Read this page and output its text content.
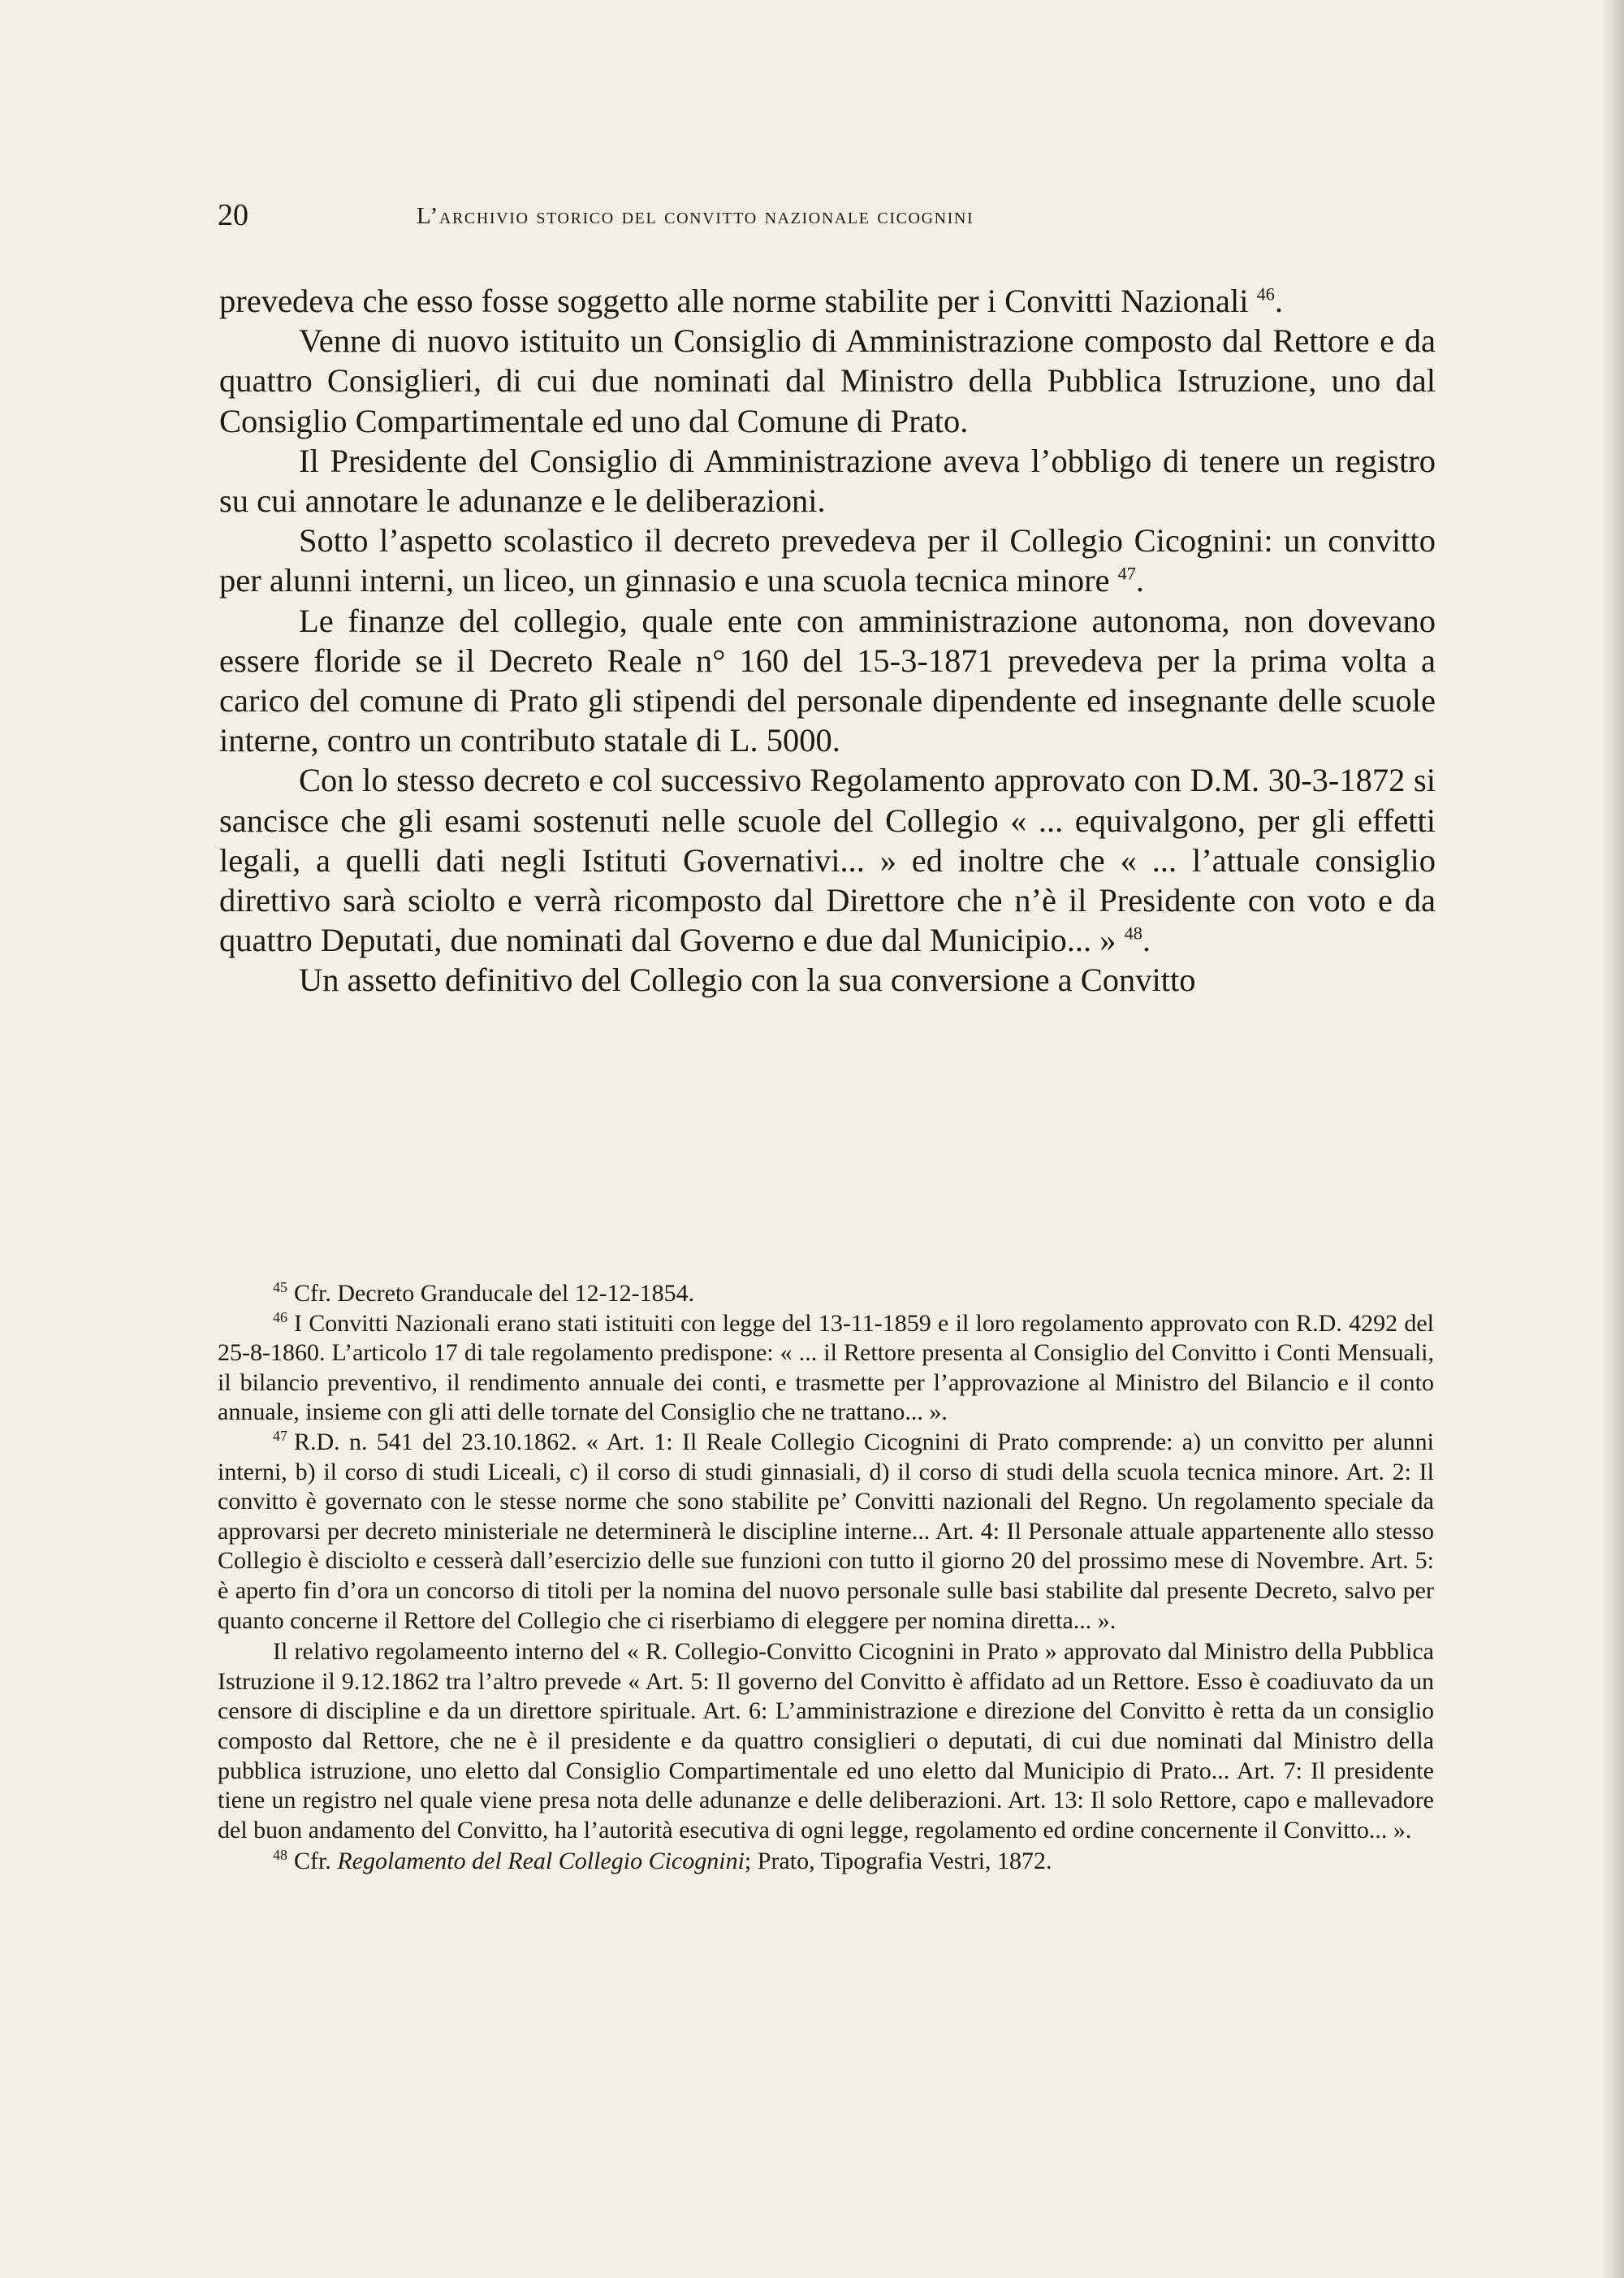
20	l’archivio storico del convitto nazionale cicognini

prevedeva che esso fosse soggetto alle norme stabilite per i Convitti Nazionali $^{46}$.

Venne di nuovo istituito un Consiglio di Amministrazione composto dal Rettore e da quattro Consiglieri, di cui due nominati dal Ministro della Pubblica Istruzione, uno dal Consiglio Compartimentale ed uno dal Comune di Prato.

Il Presidente del Consiglio di Amministrazione aveva l’obbligo di tenere un registro su cui annotare le adunanze e le deliberazioni.

Sotto l’aspetto scolastico il decreto prevedeva per il Collegio Cicognini: un convitto per alunni interni, un liceo, un ginnasio e una scuola tecnica minore $^{47}$.

Le finanze del collegio, quale ente con amministrazione autonoma, non dovevano essere floride se il Decreto Reale n° 160 del 15-3-1871 prevedeva per la prima volta a carico del comune di Prato gli stipendi del personale dipendente ed insegnante delle scuole interne, contro un contributo statale di L. 5000.

Con lo stesso decreto e col successivo Regolamento approvato con D.M. 30-3-1872 si sancisce che gli esami sostenuti nelle scuole del Collegio « ... equivalgono, per gli effetti legali, a quelli dati negli Istituti Governativi... » ed inoltre che « ... l’attuale consiglio direttivo sarà sciolto e verrà ricomposto dal Direttore che n’è il Presidente con voto e da quattro Deputati, due nominati dal Governo e due dal Municipio... » $^{48}$.

Un assetto definitivo del Collegio con la sua conversione a Convitto

$^{45}$ Cfr. Decreto Granducale del 12-12-1854.

$^{46}$ I Convitti Nazionali erano stati istituiti con legge del 13-11-1859 e il loro regolamento approvato con R.D. 4292 del 25-8-1860. L’articolo 17 di tale regolamento predispone: « ... il Rettore presenta al Consiglio del Convitto i Conti Mensuali, il bilancio preventivo, il rendimento annuale dei conti, e trasmette per l’approvazione al Ministro del Bilancio e il conto annuale, insieme con gli atti delle tornate del Consiglio che ne trattano... ».

$^{47}$ R.D. n. 541 del 23.10.1862. « Art. 1: Il Reale Collegio Cicognini di Prato comprende: a) un convitto per alunni interni, b) il corso di studi Liceali, c) il corso di studi ginnasiali, d) il corso di studi della scuola tecnica minore. Art. 2: Il convitto è governato con le stesse norme che sono stabilite pe’ Convitti nazionali del Regno. Un regolamento speciale da approvarsi per decreto ministeriale ne determinerà le discipline interne... Art. 4: Il Personale attuale appartenente allo stesso Collegio è disciolto e cesserà dall’esercizio delle sue funzioni con tutto il giorno 20 del prossimo mese di Novembre. Art. 5: è aperto fin d’ora un concorso di titoli per la nomina del nuovo personale sulle basi stabilite dal presente Decreto, salvo per quanto concerne il Rettore del Collegio che ci riserbiamo di eleggere per nomina diretta... ».

Il relativo regolameento interno del « R. Collegio-Convitto Cicognini in Prato » approvato dal Ministro della Pubblica Istruzione il 9.12.1862 tra l’altro prevede « Art. 5: Il governo del Convitto è affidato ad un Rettore. Esso è coadiuvato da un censore di discipline e da un direttore spirituale. Art. 6: L’amministrazione e direzione del Convitto è retta da un consiglio composto dal Rettore, che ne è il presidente e da quattro consiglieri o deputati, di cui due nominati dal Ministro della pubblica istruzione, uno eletto dal Consiglio Compartimentale ed uno eletto dal Municipio di Prato... Art. 7: Il presidente tiene un registro nel quale viene presa nota delle adunanze e delle deliberazioni. Art. 13: Il solo Rettore, capo e mallevadore del buon andamento del Convitto, ha l’autorità esecutiva di ogni legge, regolamento ed ordine concernente il Convitto... ».

$^{48}$ Cfr. Regolamento del Real Collegio Cicognini; Prato, Tipografia Vestri, 1872.
